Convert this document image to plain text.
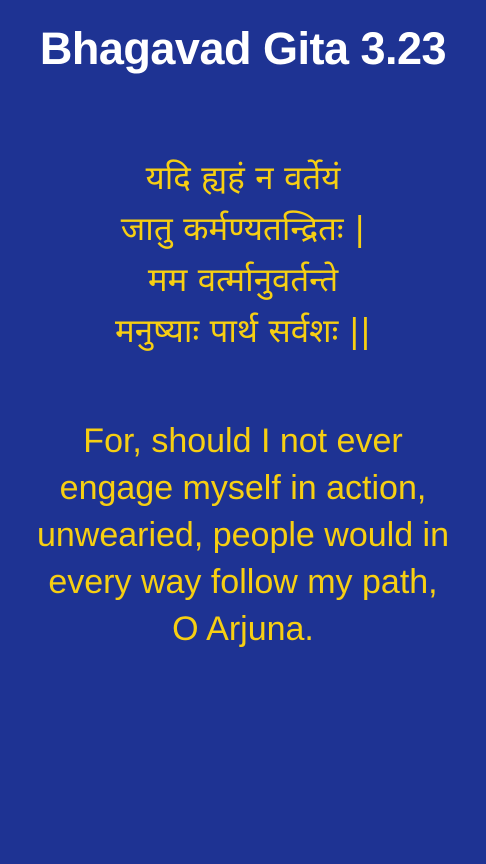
Bhagavad Gita 3.23
यदि ह्यहं न वर्तेयं
जातु कर्मण्यतन्द्रितः |
मम वर्त्मानुवर्तन्ते
मनुष्याः पार्थ सर्वशः ||
For, should I not ever
engage myself in action,
unwearied, people would in
every way follow my path,
O Arjuna.
